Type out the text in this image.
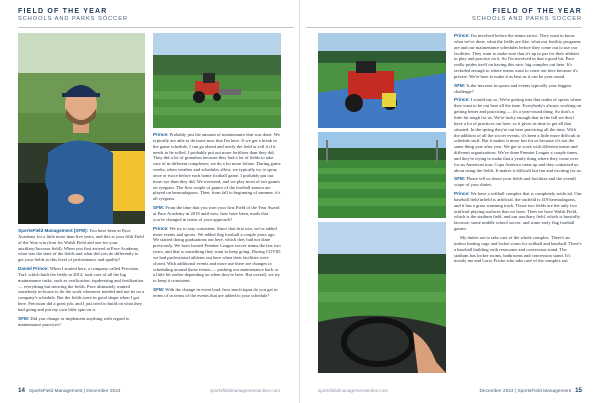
FIELD OF THE YEAR
SCHOOLS AND PARKS SOCCER

SportsField Management (SFM): You have been at Pace Academy for a little more than five years, and this is your fifth Field of the Year win (four for Walsh Field and one for your auxiliary/lacrosse field). When you first arrived at Pace Academy, what was the state of the fields and what did you do differently to get your fields to this level of performance and quality?

Daniel Prince: When I started here, a company called Precision Turf, which built the fields in 2014, took care of all the big maintenance tasks, such as verification, topdressing and fertilization — everything but mowing the fields. Pace ultimately wanted somebody in-house to do the work whenever needed and not be on a company's schedule. But the fields were in good shape when I got here. Precision did a great job, and I just tried to build on what they had going and put my own little spin on it.

SFM: Did you change or implement anything with regard to maintenance practices?

Prince: Probably just the amount of maintenance that was done. We typically are able to do more now that I'm here. If we get a break in the game schedule, I can go ahead and aerify the field or roll it if it needs to be rolled. I probably put out more fertilizer than they did. They did a lot of granulars because they had a lot of fields to take care of in different complexes; we do a lot more foliars. During game weeks, when weather and schedules allow, we typically try to spray once or twice before each home football game. I probably put out more rye than they did. We overseed, and we play most of our games on ryegrass. The first couple of games of the football season are played on bermudagrass. Then, from fall to beginning of summer, it's all ryegrass.

SFM: From the time that you won your first Field of the Year Award at Pace Academy in 2019 until now, how have been, mods that you've changed in terms of your approach?

Prince: We try to stay consistent. Since that first win, we've added more events and sports. We added flag football a couple years ago. We started doing graduations out here, which they had not done previously. We have hosted Premier League soccer teams the last two years, and that is something they want to keep going. During COVID we had professional athletes out here when their facilities were closed. With additional events and more use there are changes to scheduling around those events — pushing our maintenance back or a little bit earlier depending on when they're here. But overall, we try to keep it consistent.

SFM: With the change in event load, how much input do you get in terms of in terms of the events that are added to your schedule?

14 SportsField Management | December 2024	sportsfieldmanagementonline.com
FIELD OF THE YEAR
SCHOOLS AND PARKS SOCCER

Prince: I'm involved before the teams arrive. They want to know what we've done, what the fields are like, what our fertility programs are and our maintenance schedules before they come out to use our facilities. They want to make sure that it's up to par for their athletes to play and practice on it. So I'm involved in that a good bit. Pace really prides itself on having this nice, big complex out here. It's secluded enough to where teams want to come out here because it's private. We're here to make it as best as it can be year round.

SFM: Is the increase in sports and events typically your biggest challenge?

Prince: I would say so. We're getting into that realm of sports where they want to be out here all the time. Everybody's always working on getting better and practicing — it's a year-round thing. So that's a little bit tough for us. We're lucky enough that in the fall we don't have a lot of practices out here, so it gives us time to get all that situated. In the spring they're out here practicing all the time. With the addition of all the soccer events, it's been a little more difficult to schedule stuff. But it makes it more fun for us because it's not the same thing year after year. We get to work with different teams and different organizations. We've done Premier League a couple times, and they're trying to make that a yearly thing where they come over for an American tour. Copa America came up and they contacted us about using the fields. It makes it difficult but fun and exciting for us.

SFM: Please tell us about your fields and facilities and the overall scope of your duties.

Prince: We have a softball complex that is completely artificial. Our baseball field infield is artificial, the outfield is 419 bermudagrass, and it has a grass warming track. Those two fields are the only two artificial playing surfaces that we have. Then we have Walsh Field, which is the stadium field, and our auxiliary field, which is basically lacrosse, some middle school soccer, and some early flag football games.

My duties are to take care of the whole complex. There's an indoor batting cage and locker room for softball and baseball. There's a baseball building with restrooms and concession stand. The stadium has locker rooms, bathrooms and concession stand. It's mostly me and Larry Fricke who take care of the complex out

sportsfieldmanagementonline.com	December 2024 | SportsField Management 15
